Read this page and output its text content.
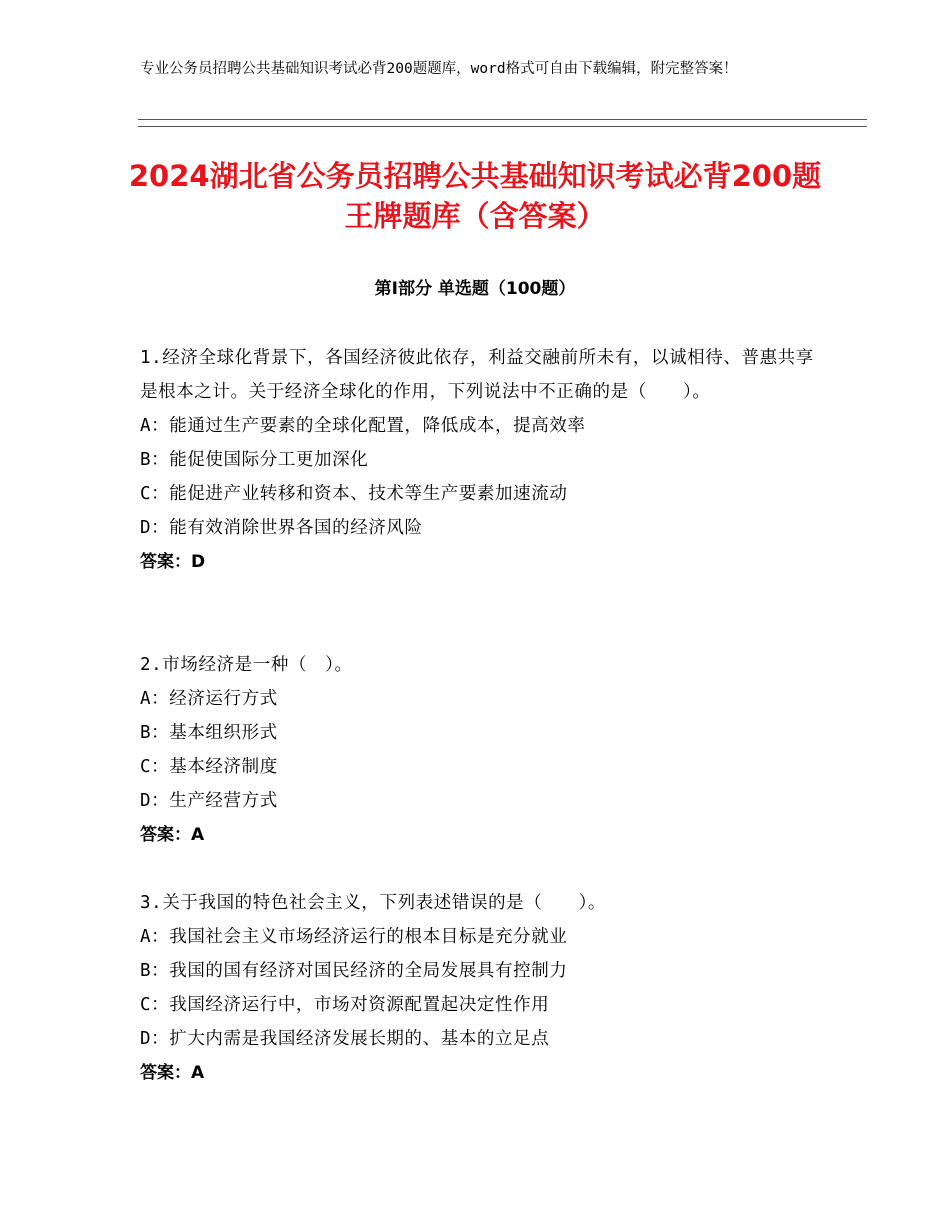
专业公务员招聘公共基础知识考试必背200题题库，word格式可自由下载编辑，附完整答案！
2024湖北省公务员招聘公共基础知识考试必背200题王牌题库（含答案）
第Ⅰ部分 单选题（100题）
1.经济全球化背景下，各国经济彼此依存，利益交融前所未有，以诚相待、普惠共享是根本之计。关于经济全球化的作用，下列说法中不正确的是（　　）。
A：能通过生产要素的全球化配置，降低成本，提高效率
B：能促使国际分工更加深化
C：能促进产业转移和资本、技术等生产要素加速流动
D：能有效消除世界各国的经济风险
答案：D
2.市场经济是一种（　）。
A：经济运行方式
B：基本组织形式
C：基本经济制度
D：生产经营方式
答案：A
3.关于我国的特色社会主义，下列表述错误的是（　　）。
A：我国社会主义市场经济运行的根本目标是充分就业
B：我国的国有经济对国民经济的全局发展具有控制力
C：我国经济运行中，市场对资源配置起决定性作用
D：扩大内需是我国经济发展长期的、基本的立足点
答案：A
